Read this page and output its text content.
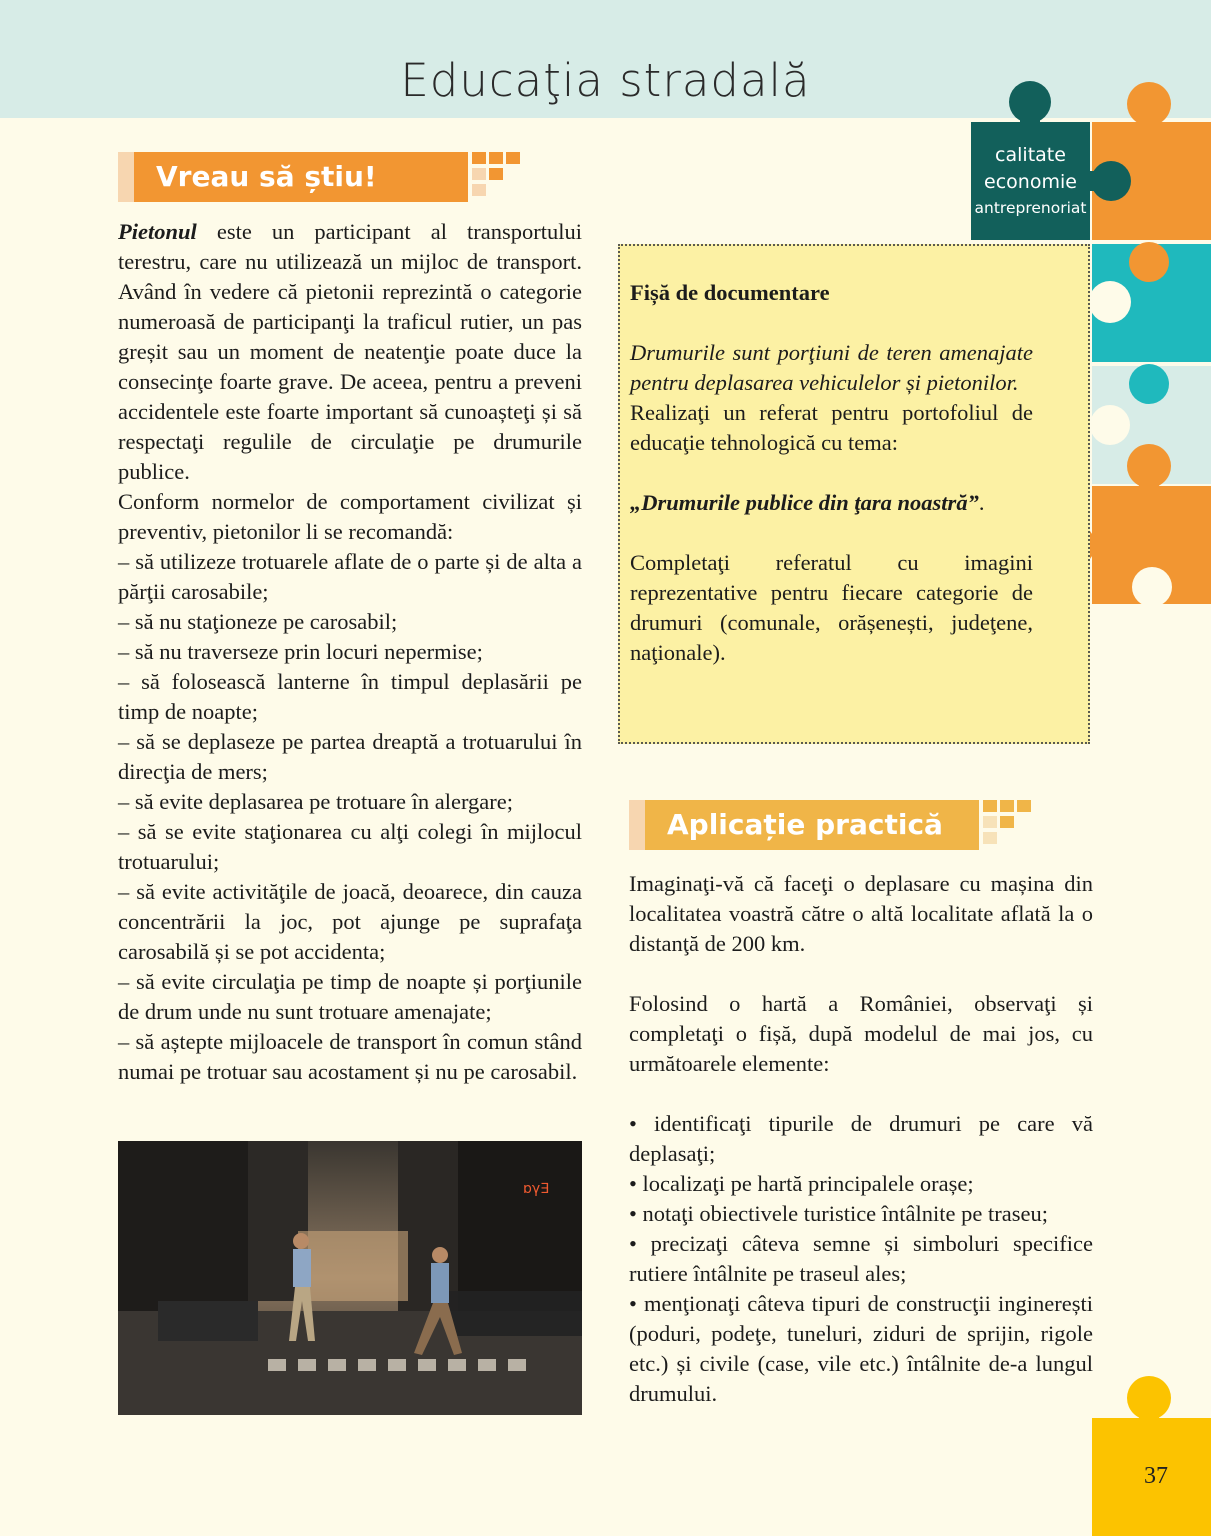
Educaţia stradală
calitate
economie
antreprenoriat
Vreau să știu!

Pietonul este un participant al transportului terestru, care nu utilizează un mijloc de transport. Având în vedere că pietonii reprezintă o categorie numeroasă de participanţi la traficul rutier, un pas greșit sau un moment de neatenţie poate duce la consecinţe foarte grave. De aceea, pentru a preveni accidentele este foarte important să cunoașteţi și să respectaţi regulile de circulaţie pe drumurile publice.

Conform normelor de comportament civilizat și preventiv, pietonilor li se recomandă:

– să utilizeze trotuarele aflate de o parte și de alta a părţii carosabile;

– să nu staţioneze pe carosabil;

– să nu traverseze prin locuri nepermise;

– să folosească lanterne în timpul deplasării pe timp de noapte;

– să se deplaseze pe partea dreaptă a trotuarului în direcţia de mers;

– să evite deplasarea pe trotuare în alergare;

– să se evite staţionarea cu alţi colegi în mijlocul trotuarului;

– să evite activităţile de joacă, deoarece, din cauza concentrării la joc, pot ajunge pe suprafaţa carosabilă și se pot accidenta;

– să evite circulaţia pe timp de noapte și porţiunile de drum unde nu sunt trotuare amenajate;

– să aștepte mijloacele de transport în comun stând numai pe trotuar sau acostament și nu pe carosabil.

ɒγ∃

Fișă de documentare

Drumurile sunt porţiuni de teren amenajate pentru deplasarea vehiculelor și pietonilor.

Realizaţi un referat pentru portofoliul de educaţie tehnologică cu tema:

„Drumurile publice din ţara noastră”.

Completaţi referatul cu imagini reprezentative pentru fiecare categorie de drumuri (comunale, orășenești, judeţene, naţionale).

Aplicație practică

Imaginaţi-vă că faceţi o deplasare cu mașina din localitatea voastră către o altă localitate aflată la o distanţă de 200 km.

Folosind o hartă a României, observaţi și completaţi o fișă, după modelul de mai jos, cu următoarele elemente:

• identificaţi tipurile de drumuri pe care vă deplasaţi;

• localizaţi pe hartă principalele orașe;

• notaţi obiectivele turistice întâlnite pe traseu;

• precizaţi câteva semne și simboluri specifice rutiere întâlnite pe traseul ales;

• menţionaţi câteva tipuri de construcţii inginerești (poduri, podeţe, tuneluri, ziduri de sprijin, rigole etc.) și civile (case, vile etc.) întâlnite de-a lungul drumului.

37
